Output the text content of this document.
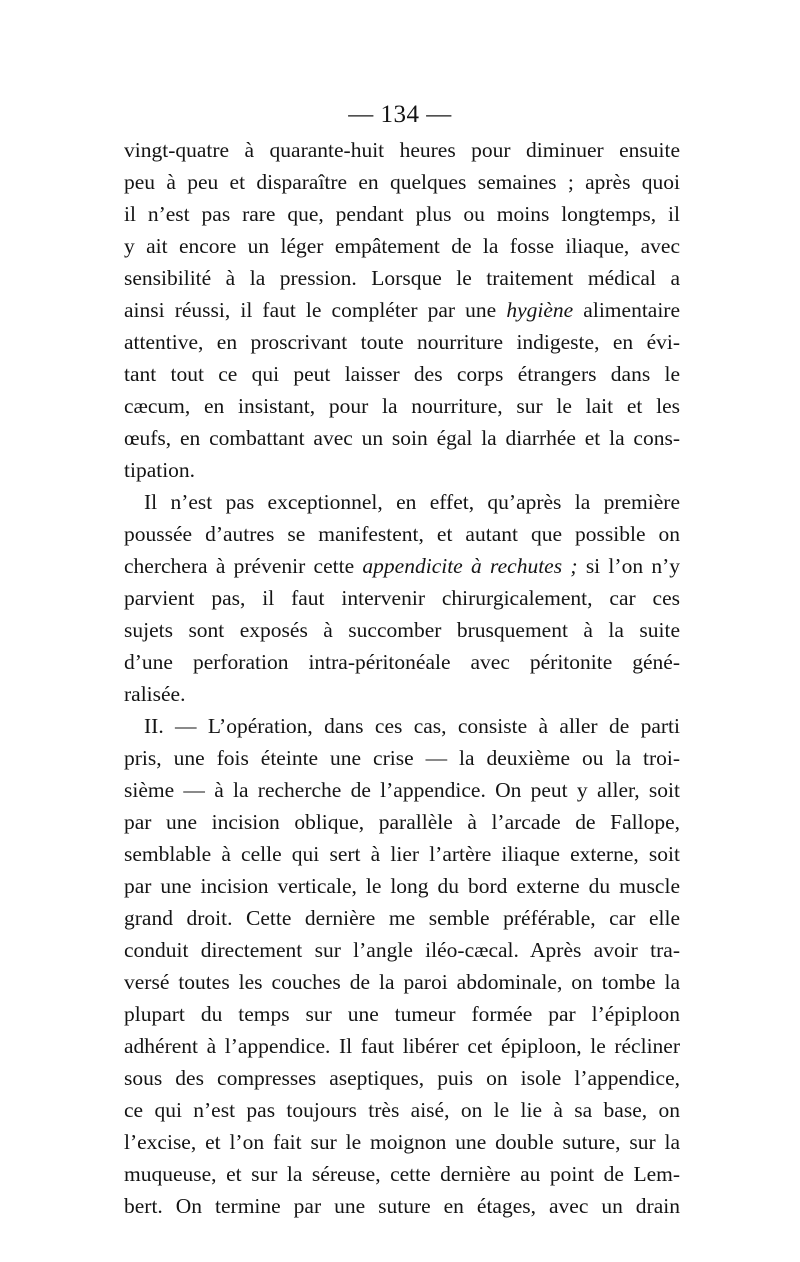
— 134 —
vingt-quatre à quarante-huit heures pour diminuer ensuite
peu à peu et disparaître en quelques semaines ; après quoi
il n’est pas rare que, pendant plus ou moins longtemps, il
y ait encore un léger empâtement de la fosse iliaque, avec
sensibilité à la pression. Lorsque le traitement médical a
ainsi réussi, il faut le compléter par une hygiène alimentaire
attentive, en proscrivant toute nourriture indigeste, en évi-
tant tout ce qui peut laisser des corps étrangers dans le
cæcum, en insistant, pour la nourriture, sur le lait et les
œufs, en combattant avec un soin égal la diarrhée et la cons-
tipation.
Il n’est pas exceptionnel, en effet, qu’après la première
poussée d’autres se manifestent, et autant que possible on
cherchera à prévenir cette appendicite à rechutes ; si l’on n’y
parvient pas, il faut intervenir chirurgicalement, car ces
sujets sont exposés à succomber brusquement à la suite
d’une perforation intra-péritonéale avec péritonite géné-
ralisée.
II. — L’opération, dans ces cas, consiste à aller de parti
pris, une fois éteinte une crise — la deuxième ou la troi-
sième — à la recherche de l’appendice. On peut y aller, soit
par une incision oblique, parallèle à l’arcade de Fallope,
semblable à celle qui sert à lier l’artère iliaque externe, soit
par une incision verticale, le long du bord externe du muscle
grand droit. Cette dernière me semble préférable, car elle
conduit directement sur l’angle iléo-cæcal. Après avoir tra-
versé toutes les couches de la paroi abdominale, on tombe la
plupart du temps sur une tumeur formée par l’épiploon
adhérent à l’appendice. Il faut libérer cet épiploon, le récliner
sous des compresses aseptiques, puis on isole l’appendice,
ce qui n’est pas toujours très aisé, on le lie à sa base, on
l’excise, et l’on fait sur le moignon une double suture, sur la
muqueuse, et sur la séreuse, cette dernière au point de Lem-
bert. On termine par une suture en étages, avec un drain
